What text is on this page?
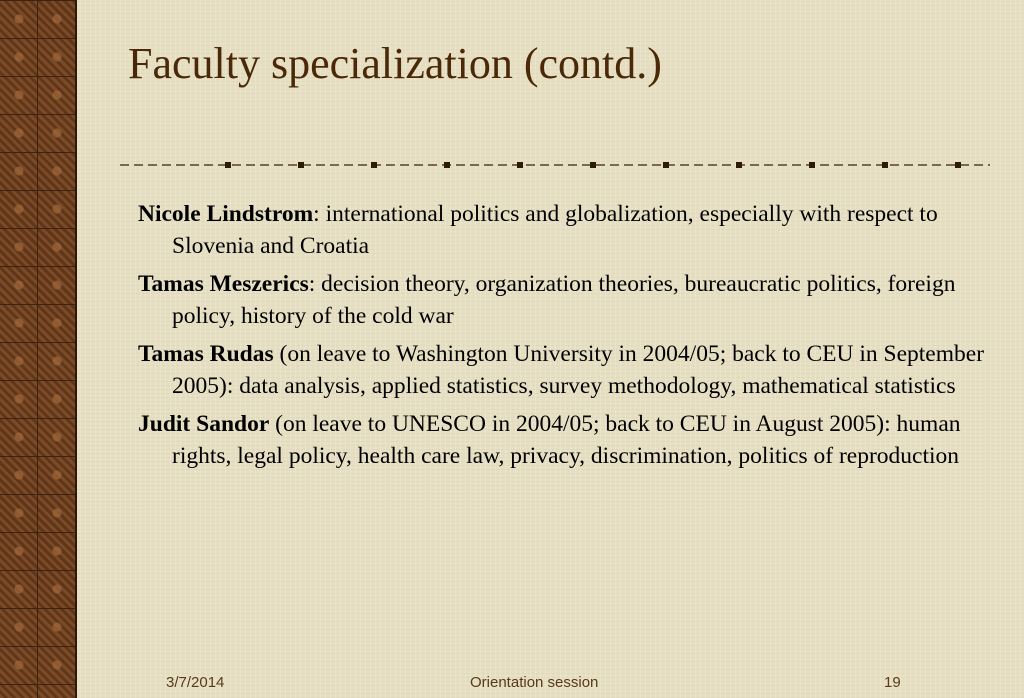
Faculty specialization (contd.)

Nicole Lindstrom: international politics and globalization, especially with respect to Slovenia and Croatia

Tamas Meszerics: decision theory, organization theories, bureaucratic politics, foreign policy, history of the cold war

Tamas Rudas (on leave to Washington University in 2004/05; back to CEU in September 2005): data analysis, applied statistics, survey methodology, mathematical statistics

Judit Sandor (on leave to UNESCO in 2004/05; back to CEU in August 2005): human rights, legal policy, health care law, privacy, discrimination, politics of reproduction

3/7/2014	Orientation session	19
